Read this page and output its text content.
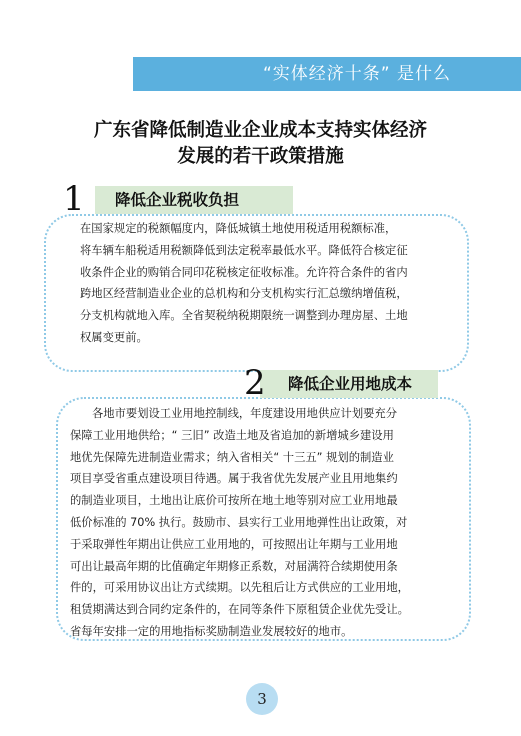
“实体经济十条” 是什么
广东省降低制造业企业成本支持实体经济
发展的若干政策措施
降低企业税收负担
1
在国家规定的税额幅度内，降低城镇土地使用税适用税额标准，
将车辆车船税适用税额降低到法定税率最低水平。降低符合核定征
收条件企业的购销合同印花税核定征收标准。允许符合条件的省内
跨地区经营制造业企业的总机构和分支机构实行汇总缴纳增值税，
分支机构就地入库。全省契税纳税期限统一调整到办理房屋、土地
权属变更前。
降低企业用地成本
2
各地市要划设工业用地控制线，年度建设用地供应计划要充分
保障工业用地供给；“ 三旧” 改造土地及省追加的新增城乡建设用
地优先保障先进制造业需求；纳入省相关“ 十三五” 规划的制造业
项目享受省重点建设项目待遇。属于我省优先发展产业且用地集约
的制造业项目，土地出让底价可按所在地土地等别对应工业用地最
低价标准的 70% 执行。鼓励市、县实行工业用地弹性出让政策，对
于采取弹性年期出让供应工业用地的，可按照出让年期与工业用地
可出让最高年期的比值确定年期修正系数，对届满符合续期使用条
件的，可采用协议出让方式续期。以先租后让方式供应的工业用地，
租赁期满达到合同约定条件的，在同等条件下原租赁企业优先受让。
省每年安排一定的用地指标奖励制造业发展较好的地市。
3
